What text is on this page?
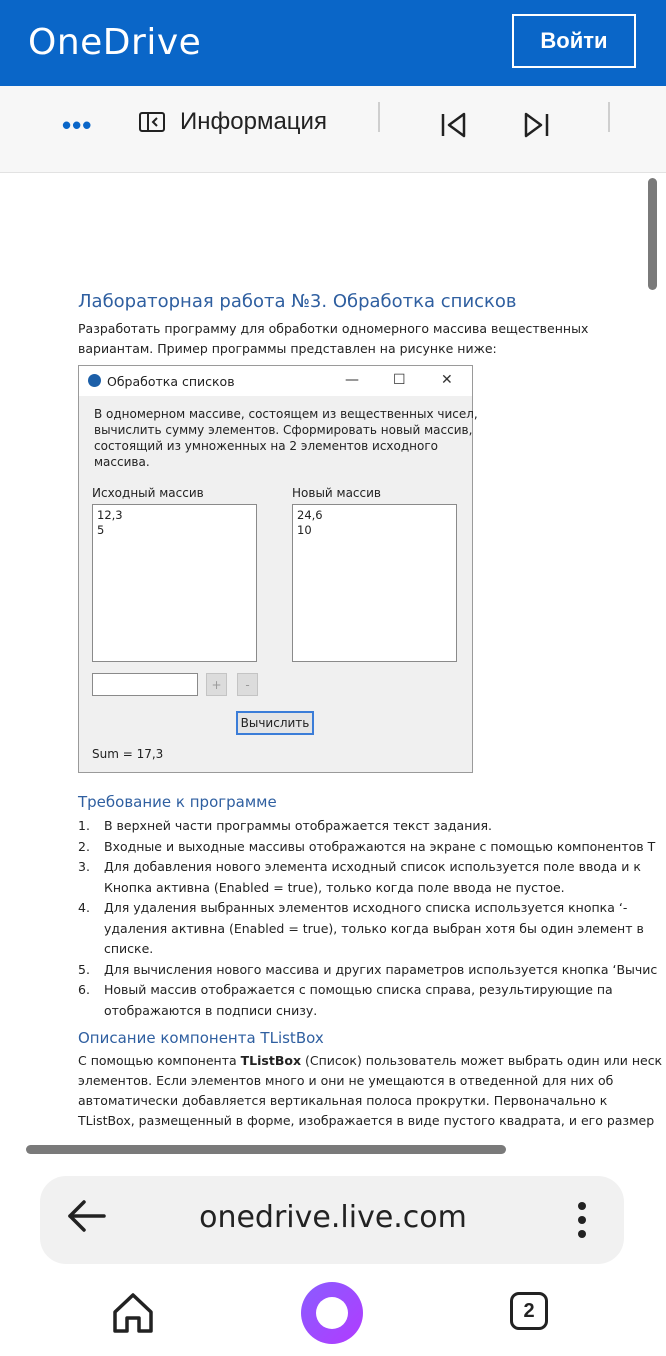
OneDrive	Войти
•••	Информация
Лабораторная работа №3. Обработка списков
Разработать программу для обработки одномерного массива вещественных
вариантам. Пример программы представлен на рисунке ниже:
Обработка списков	— ☐	✕
В одномерном массиве, состоящем из вещественных чисел,
вычислить сумму элементов. Сформировать новый массив,
состоящий из умноженных на 2 элементов исходного
массива.
Исходный массив	Новый массив
12,3
5
24,6
10
+	-
Вычислить
Sum = 17,3
Требование к программе
1. В верхней части программы отображается текст задания.
2. Входные и выходные массивы отображаются на экране с помощью компонентов T
3. Для добавления нового элемента исходный список используется поле ввода и к
Кнопка активна (Enabled = true), только когда поле ввода не пустое.
4. Для удаления выбранных элементов исходного списка используется кнопка ‘-
удаления активна (Enabled = true), только когда выбран хотя бы один элемент в
списке.
5. Для вычисления нового массива и других параметров используется кнопка ‘Вычис
6. Новый массив отображается с помощью списка справа, результирующие па
отображаются в подписи снизу.
Описание компонента TListBox
С помощью компонента TListBox (Список) пользователь может выбрать один или неск
элементов. Если элементов много и они не умещаются в отведенной для них об
автоматически добавляется вертикальная полоса прокрутки. Первоначально к
TListBox, размещенный в форме, изображается в виде пустого квадрата, и его размер
onedrive.live.com
2
